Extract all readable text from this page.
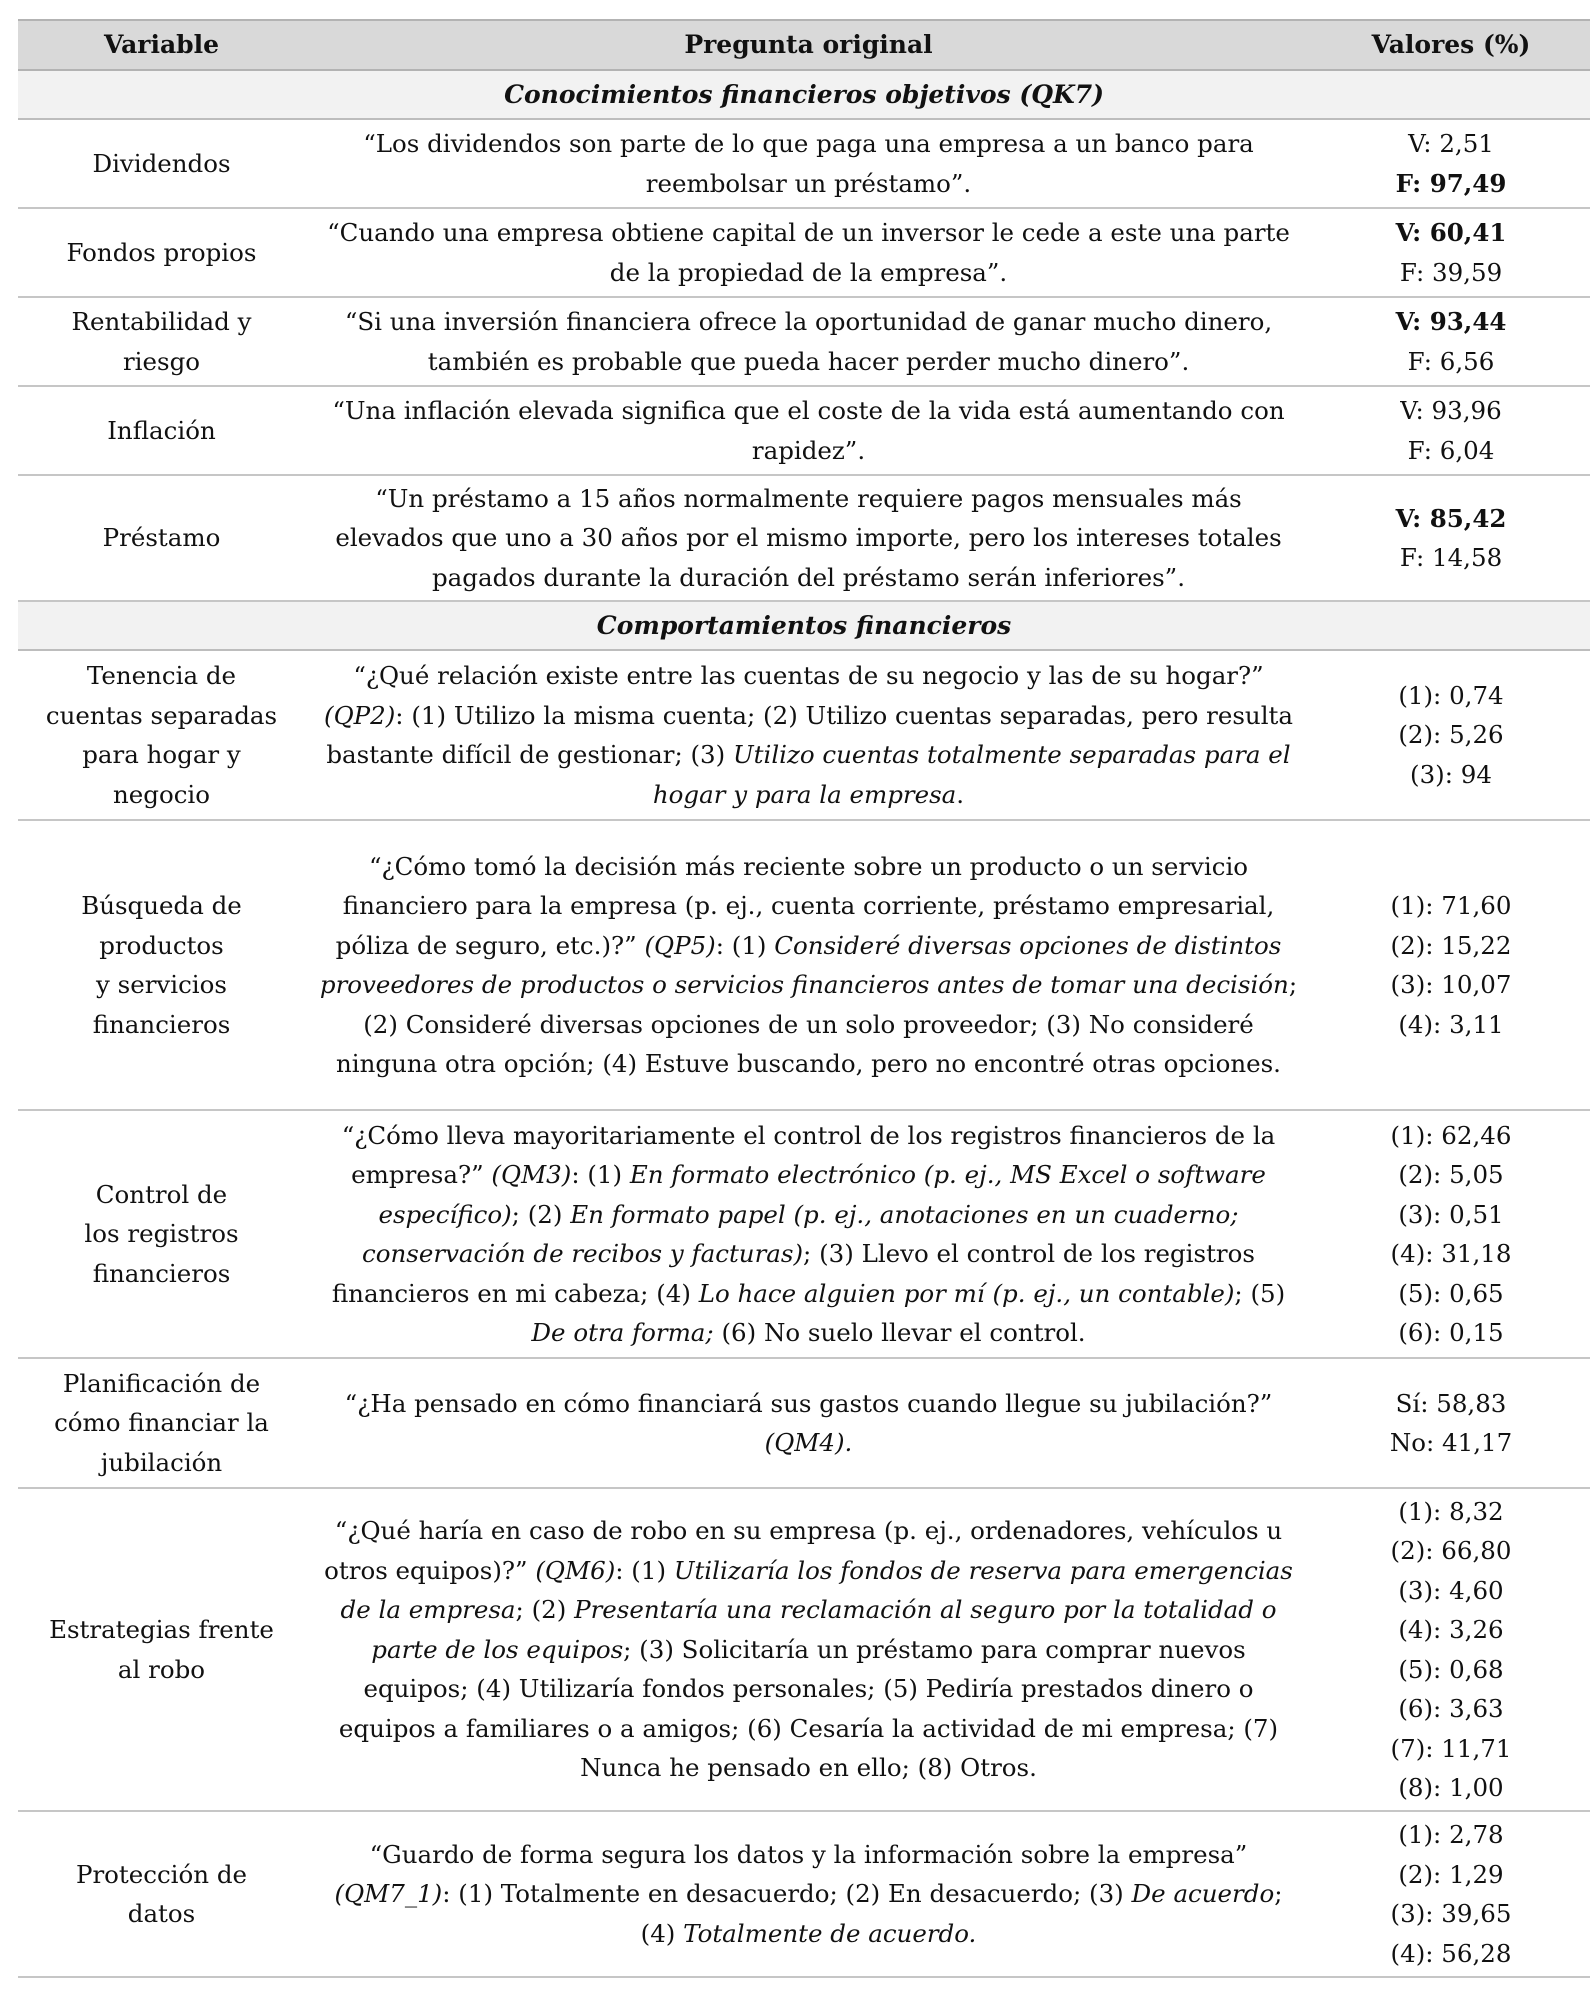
Variable	Pregunta original	Valores (%)
Conocimientos financieros objetivos (QK7)		

Dividendos	“Los dividendos son parte de lo que paga una empresa a un banco para reembolsar un préstamo”.	V: 2,51
F: 97,49

Fondos propios	“Cuando una empresa obtiene capital de un inversor le cede a este una parte de la propiedad de la empresa”.	V: 60,41
F: 39,59

Rentabilidad y
riesgo	“Si una inversión financiera ofrece la oportunidad de ganar mucho dinero, también es probable que pueda hacer perder mucho dinero”.	V: 93,44
F: 6,56

Inflación	“Una inflación elevada significa que el coste de la vida está aumentando con rapidez”.	V: 93,96
F: 6,04

Préstamo	“Un préstamo a 15 años normalmente requiere pagos mensuales más elevados que uno a 30 años por el mismo importe, pero los intereses totales pagados durante la duración del préstamo serán inferiores”.	V: 85,42
F: 14,58

Comportamientos financieros		

Tenencia de
cuentas separadas
para hogar y
negocio
	“¿Qué relación existe entre las cuentas de su negocio y las de su hogar?” (QP2): (1) Utilizo la misma cuenta; (2) Utilizo cuentas separadas, pero resulta bastante difícil de gestionar; (3) Utilizo cuentas totalmente separadas para el hogar y para la empresa.	
(1): 0,74
(2): 5,26
(3): 94

Búsqueda de
productos
y servicios
financieros
	“¿Cómo tomó la decisión más reciente sobre un producto o un servicio financiero para la empresa (p. ej., cuenta corriente, préstamo empresarial, póliza de seguro, etc.)?” (QP5): (1) Consideré diversas opciones de distintos proveedores de productos o servicios financieros antes de tomar una decisión; (2) Consideré diversas opciones de un solo proveedor; (3) No consideré ninguna otra opción; (4) Estuve buscando, pero no encontré otras opciones.	
(1): 71,60
(2): 15,22
(3): 10,07
(4): 3,11

Control de
los registros
financieros
	“¿Cómo lleva mayoritariamente el control de los registros financieros de la empresa?” (QM3): (1) En formato electrónico (p. ej., MS Excel o software específico); (2) En formato papel (p. ej., anotaciones en un cuaderno; conservación de recibos y facturas); (3) Llevo el control de los registros financieros en mi cabeza; (4) Lo hace alguien por mí (p. ej., un contable); (5) De otra forma; (6) No suelo llevar el control.	
(1): 62,46
(2): 5,05
(3): 0,51
(4): 31,18
(5): 0,65
(6): 0,15

Planificación de
cómo financiar la
jubilación	“¿Ha pensado en cómo financiará sus gastos cuando llegue su jubilación?” (QM4).	Sí: 58,83
No: 41,17

Estrategias frente
al robo
	“¿Qué haría en caso de robo en su empresa (p. ej., ordenadores, vehículos u otros equipos)?” (QM6): (1) Utilizaría los fondos de reserva para emergencias de la empresa; (2) Presentaría una reclamación al seguro por la totalidad o parte de los equipos; (3) Solicitaría un préstamo para comprar nuevos equipos; (4) Utilizaría fondos personales; (5) Pediría prestados dinero o equipos a familiares o a amigos; (6) Cesaría la actividad de mi empresa; (7) Nunca he pensado en ello; (8) Otros.	
(1): 8,32
(2): 66,80
(3): 4,60
(4): 3,26
(5): 0,68
(6): 3,63
(7): 11,71
(8): 1,00

Protección de
datos	“Guardo de forma segura los datos y la información sobre la empresa” (QM7_1): (1) Totalmente en desacuerdo; (2) En desacuerdo; (3) De acuerdo; (4) Totalmente de acuerdo.	(1): 2,78
(2): 1,29
(3): 39,65
(4): 56,28
